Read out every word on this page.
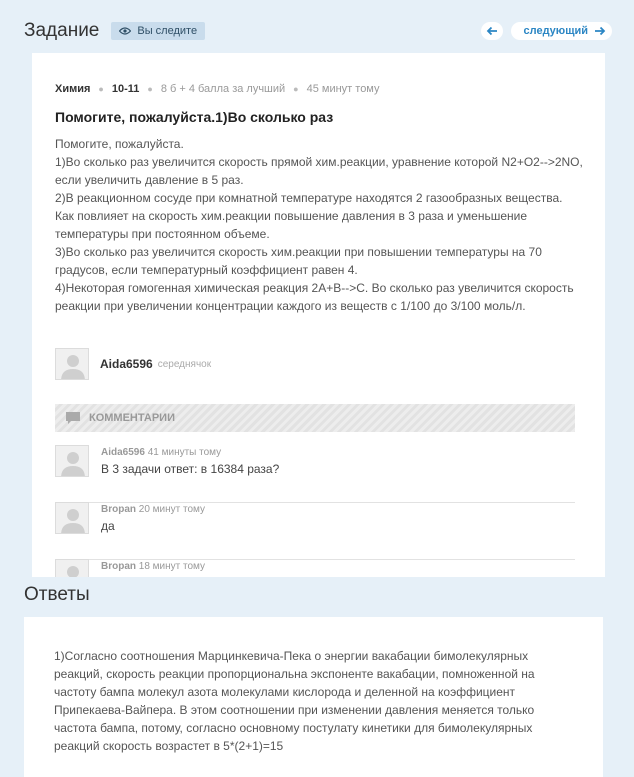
Задание	Вы следите	следующий
Химия ● 10-11 ● 8 б + 4 балла за лучший ● 45 минут тому
Помогите, пожалуйста.1)Во сколько раз

Помогите, пожалуйста.

1)Во сколько раз увеличится скорость прямой хим.реакции, уравнение которой N2+O2-->2NO, если увеличить давление в 5 раз.

2)В реакционном сосуде при комнатной температуре находятся 2 газообразных вещества. Как повлияет на скорость хим.реакции повышение давления в 3 раза и уменьшение температуры при постоянном объеме.

3)Во сколько раз увеличится скорость хим.реакции при повышении температуры на 70 градусов, если температурный коэффициент равен 4.

4)Некоторая гомогенная химическая реакция 2A+B-->C. Во сколько раз увеличится скорость реакции при увеличении концентрации каждого из веществ с 1/100 до 3/100 моль/л.

Aida6596 середнячок
КОММЕНТАРИИ
Aida6596 41 минуты тому
В 3 задачи ответ: в 16384 раза?
Bropan 20 минут тому
да
Bropan 18 минут тому
Ответы
1)Согласно соотношения Марцинкевича-Пека о энергии вакабации бимолекулярных реакций, скорость реакции пропорциональна экспоненте вакабации, помноженной на частоту бампа молекул азота молекулами кислорода и деленной на коэффициент Припекаева-Вайпера. В этом соотношении при изменении давления меняется только частота бампа, потому, согласно основному постулату кинетики для бимолекулярных реакций скорость возрастет в 5*(2+1)=15
